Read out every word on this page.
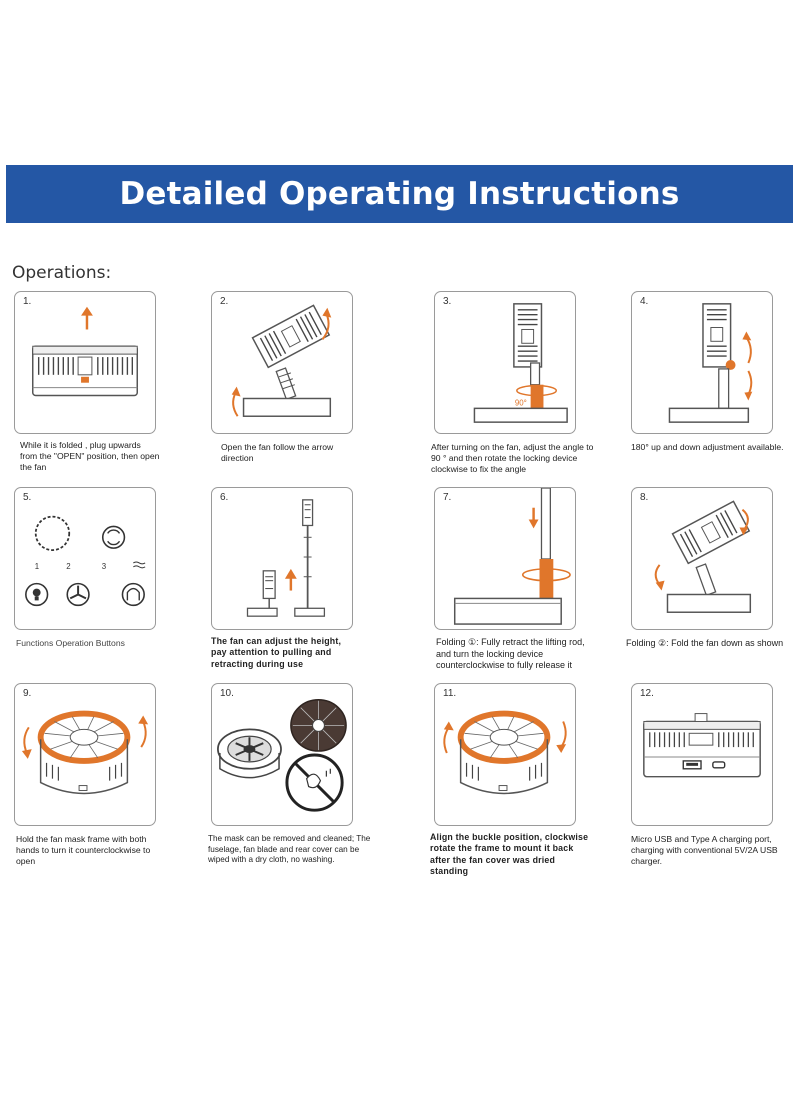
Detailed Operating Instructions
Operations:
1.
While it is folded , plug upwards from the "OPEN" position, then open the fan
2.
Open the fan follow the arrow direction
3.
90°
After turning on the fan, adjust the angle to 90 ° and then rotate the locking device clockwise to fix the angle
4.
180° up and down adjustment available.
5.
1	2	3
Functions Operation Buttons
6.
The fan can adjust the height, pay attention to pulling and retracting during use
7.
Folding ①: Fully retract the lifting rod, and turn the locking device counterclockwise to fully release it
8.
Folding ②: Fold the fan down as shown
9.
Hold the fan mask frame with both hands to turn it counterclockwise to open
10.
The mask can be removed and cleaned; The fuselage, fan blade and rear cover can be wiped with a dry cloth, no washing.
11.
Align the buckle position, clockwise rotate the frame to mount it back after the fan cover was dried standing
12.
Micro USB and Type A charging port, charging with conventional 5V/2A USB charger.
